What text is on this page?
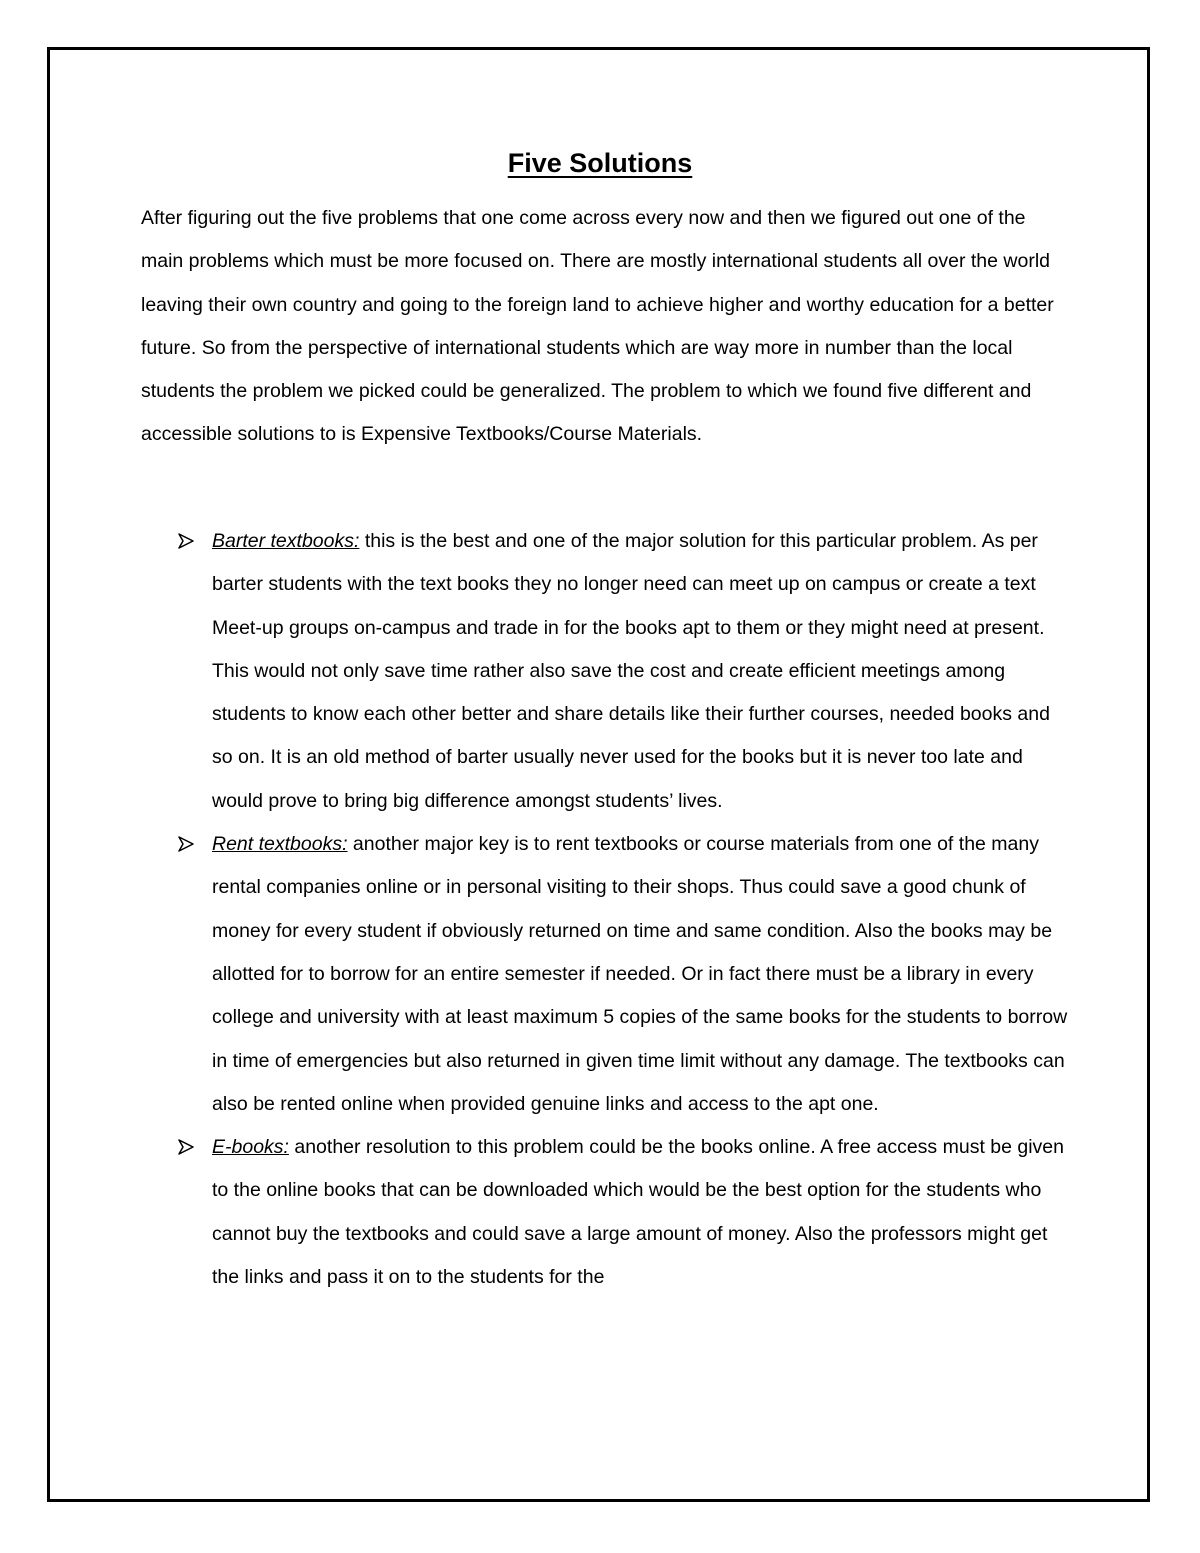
Five Solutions

After figuring out the five problems that one come across every now and then we figured out one of the main problems which must be more focused on. There are mostly international students all over the world leaving their own country and going to the foreign land to achieve higher and worthy education for a better future. So from the perspective of international students which are way more in number than the local students the problem we picked could be generalized. The problem to which we found five different and accessible solutions to is Expensive Textbooks/Course Materials.

Barter textbooks: this is the best and one of the major solution for this particular problem. As per barter students with the text books they no longer need can meet up on campus or create a text Meet-up groups on-campus and trade in for the books apt to them or they might need at present. This would not only save time rather also save the cost and create efficient meetings among students to know each other better and share details like their further courses, needed books and so on. It is an old method of barter usually never used for the books but it is never too late and would prove to bring big difference amongst students’ lives.

Rent textbooks: another major key is to rent textbooks or course materials from one of the many rental companies online or in personal visiting to their shops. Thus could save a good chunk of money for every student if obviously returned on time and same condition. Also the books may be allotted for to borrow for an entire semester if needed. Or in fact there must be a library in every college and university with at least maximum 5 copies of the same books for the students to borrow in time of emergencies but also returned in given time limit without any damage. The textbooks can also be rented online when provided genuine links and access to the apt one.

E-books: another resolution to this problem could be the books online. A free access must be given to the online books that can be downloaded which would be the best option for the students who cannot buy the textbooks and could save a large amount of money. Also the professors might get the links and pass it on to the students for the
